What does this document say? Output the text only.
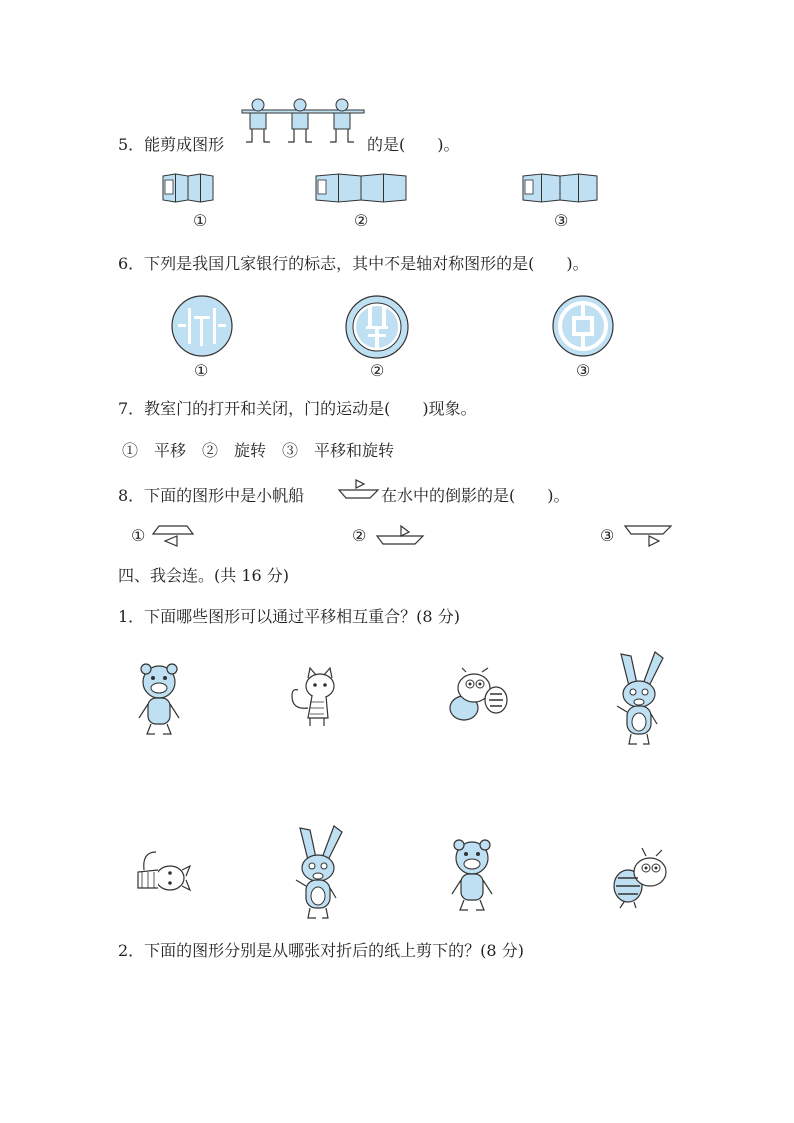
5．能剪成图形	的是(　　)。
①	②	③
6．下列是我国几家银行的标志，其中不是轴对称图形的是(　　)。
①	②	③
7．教室门的打开和关闭，门的运动是(　　)现象。
①　平移　②　旋转　③　平移和旋转
8．下面的图形中是小帆船	在水中的倒影的是(　　)。
①	②	③
四、我会连。(共 16 分)
1．下面哪些图形可以通过平移相互重合？(8 分)
2．下面的图形分别是从哪张对折后的纸上剪下的？(8 分)
